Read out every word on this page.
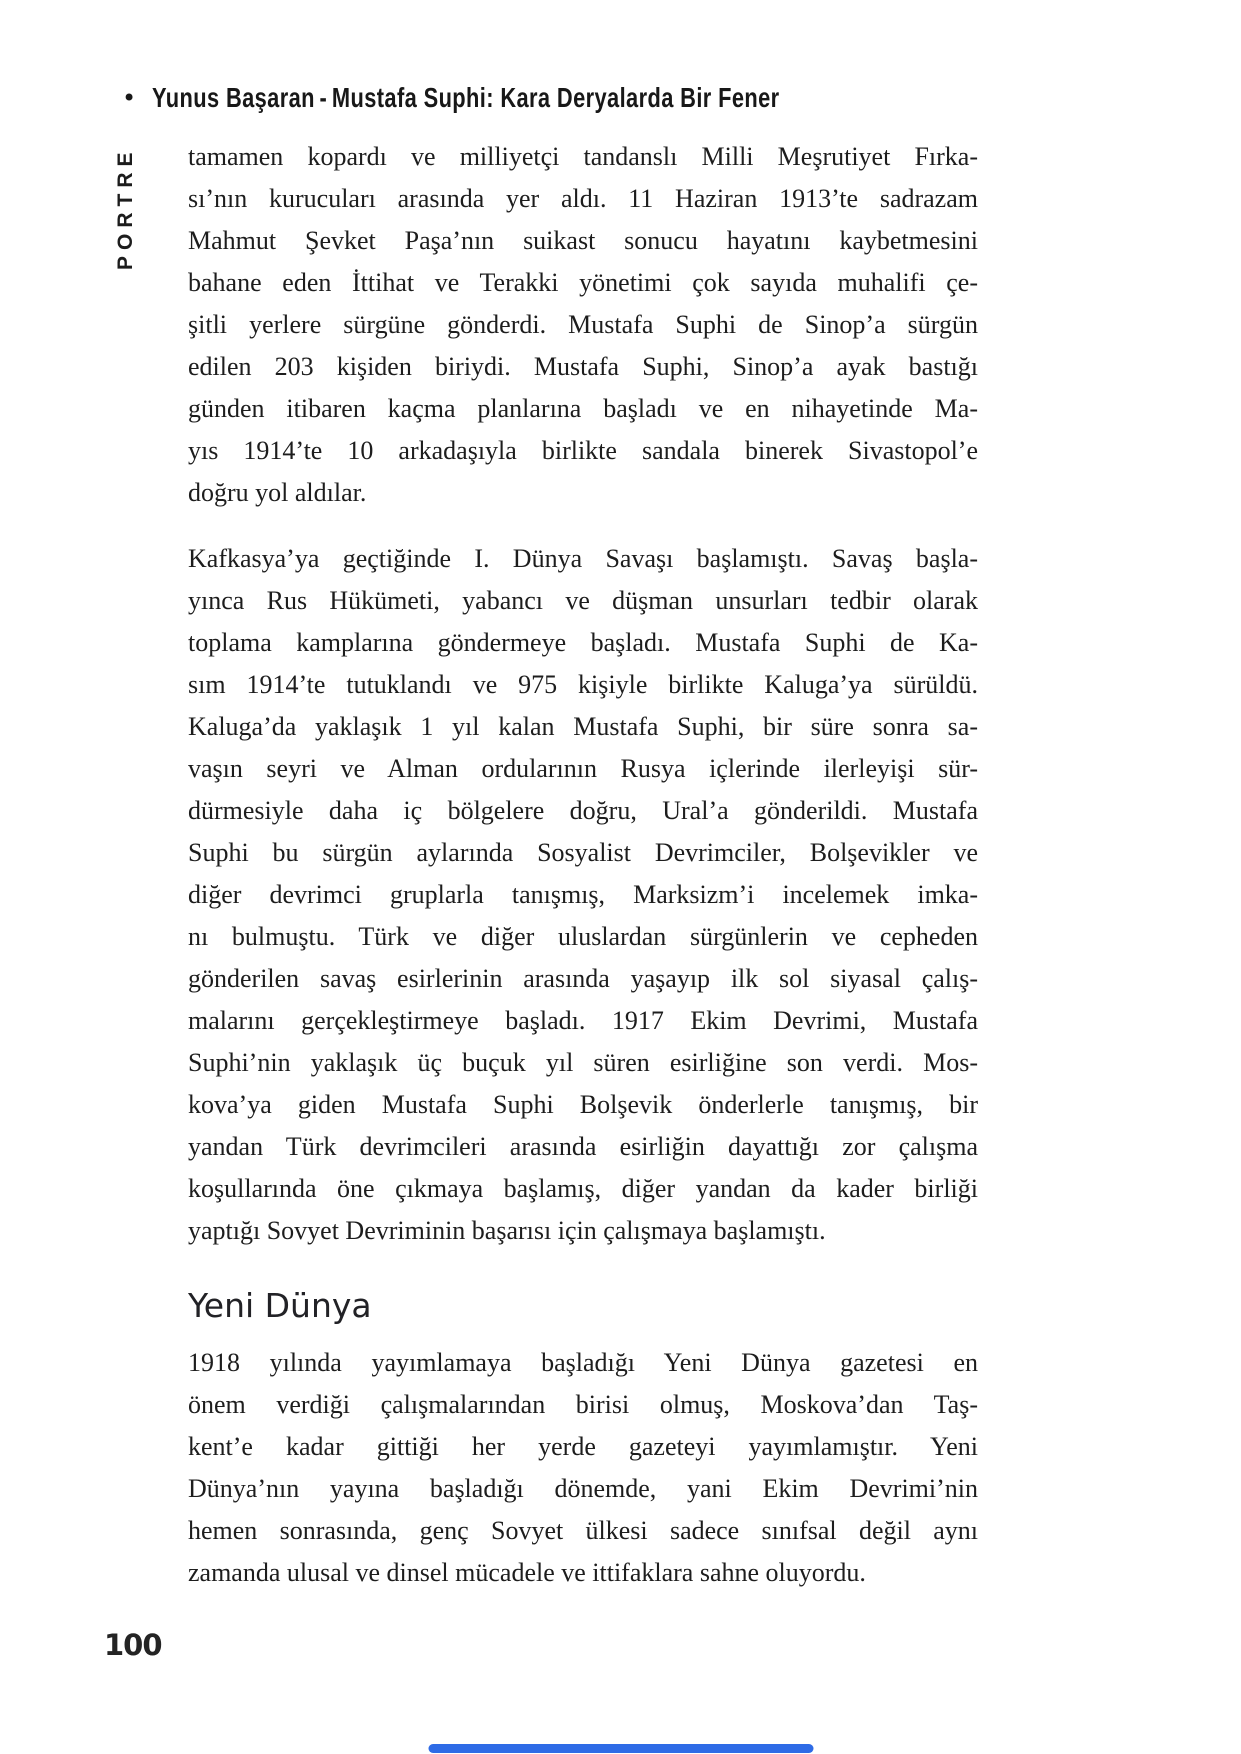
• Yunus Başaran - Mustafa Suphi: Kara Deryalarda Bir Fener
PORTRE tamamen kopardı ve milliyetçi tandanslı Milli Meşrutiyet Fırka-
sı’nın kurucuları arasında yer aldı. 11 Haziran 1913’te sadrazam
Mahmut Şevket Paşa’nın suikast sonucu hayatını kaybetmesini
bahane eden İttihat ve Terakki yönetimi çok sayıda muhalifi çe-
şitli yerlere sürgüne gönderdi. Mustafa Suphi de Sinop’a sürgün
edilen 203 kişiden biriydi. Mustafa Suphi, Sinop’a ayak bastığı
günden itibaren kaçma planlarına başladı ve en nihayetinde Ma-
yıs 1914’te 10 arkadaşıyla birlikte sandala binerek Sivastopol’e
doğru yol aldılar.
Kafkasya’ya geçtiğinde I. Dünya Savaşı başlamıştı. Savaş başla-
yınca Rus Hükümeti, yabancı ve düşman unsurları tedbir olarak
toplama kamplarına göndermeye başladı. Mustafa Suphi de Ka-
sım 1914’te tutuklandı ve 975 kişiyle birlikte Kaluga’ya sürüldü.
Kaluga’da yaklaşık 1 yıl kalan Mustafa Suphi, bir süre sonra sa-
vaşın seyri ve Alman ordularının Rusya içlerinde ilerleyişi sür-
dürmesiyle daha iç bölgelere doğru, Ural’a gönderildi. Mustafa
Suphi bu sürgün aylarında Sosyalist Devrimciler, Bolşevikler ve
diğer devrimci gruplarla tanışmış, Marksizm’i incelemek imka-
nı bulmuştu. Türk ve diğer uluslardan sürgünlerin ve cepheden
gönderilen savaş esirlerinin arasında yaşayıp ilk sol siyasal çalış-
malarını gerçekleştirmeye başladı. 1917 Ekim Devrimi, Mustafa
Suphi’nin yaklaşık üç buçuk yıl süren esirliğine son verdi. Mos-
kova’ya giden Mustafa Suphi Bolşevik önderlerle tanışmış, bir
yandan Türk devrimcileri arasında esirliğin dayattığı zor çalışma
koşullarında öne çıkmaya başlamış, diğer yandan da kader birliği
yaptığı Sovyet Devriminin başarısı için çalışmaya başlamıştı.
Yeni Dünya
1918 yılında yayımlamaya başladığı Yeni Dünya gazetesi en
önem verdiği çalışmalarından birisi olmuş, Moskova’dan Taş-
kent’e kadar gittiği her yerde gazeteyi yayımlamıştır. Yeni
Dünya’nın yayına başladığı dönemde, yani Ekim Devrimi’nin
hemen sonrasında, genç Sovyet ülkesi sadece sınıfsal değil aynı
zamanda ulusal ve dinsel mücadele ve ittifaklara sahne oluyordu.
100
